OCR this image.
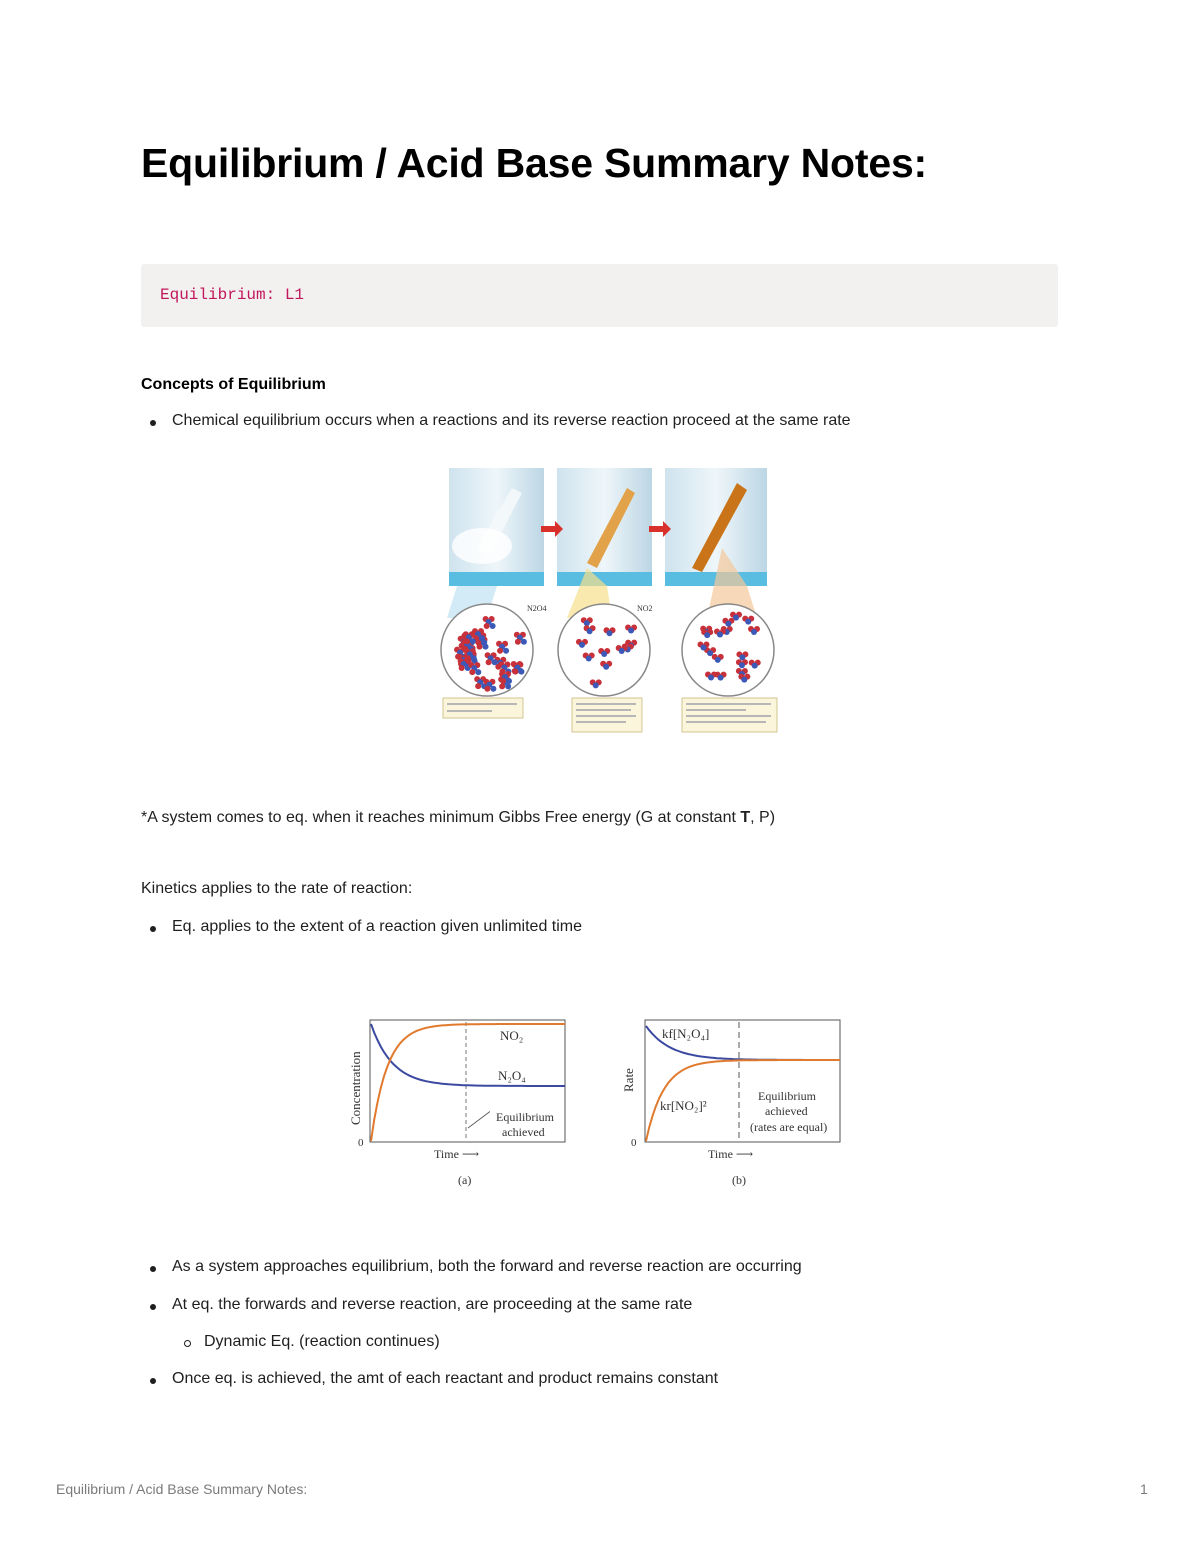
Equilibrium / Acid Base Summary Notes:
Equilibrium: L1
Concepts of Equilibrium
Chemical equilibrium occurs when a reactions and its reverse reaction proceed at the same rate
N2O4	NO2
*A system comes to eq. when it reaches minimum Gibbs Free energy (G at constant T, P)
Kinetics applies to the rate of reaction:
Eq. applies to the extent of a reaction given unlimited time
NO₂
N₂O₄
Equilibrium
achieved
0
Time ⟶
Concentration
(a)
kf[N₂O₄]
kr[NO₂]²
Equilibrium
achieved
(rates are equal)
0
Time ⟶
Rate
(b)
As a system approaches equilibrium, both the forward and reverse reaction are occurring
At eq. the forwards and reverse reaction, are proceeding at the same rate
Dynamic Eq. (reaction continues)
Once eq. is achieved, the amt of each reactant and product remains constant
Equilibrium / Acid Base Summary Notes:	1
